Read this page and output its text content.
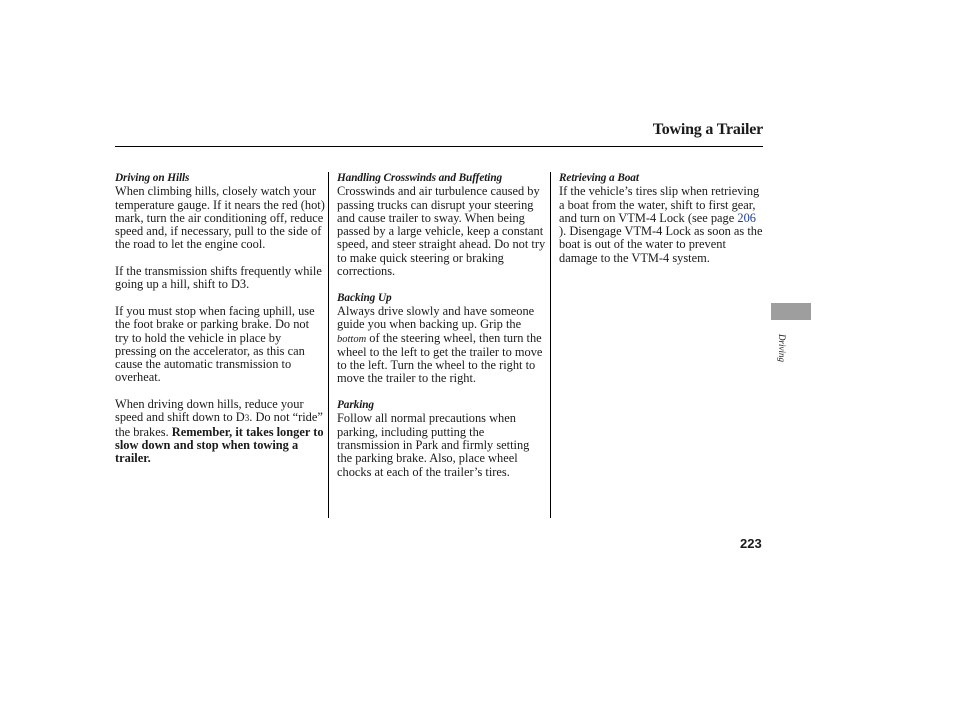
Towing a Trailer
Driving on Hills

When climbing hills, closely watch your temperature gauge. If it nears the red (hot) mark, turn the air conditioning off, reduce speed and, if necessary, pull to the side of the road to let the engine cool.

If the transmission shifts frequently while going up a hill, shift to D3.

If you must stop when facing uphill, use the foot brake or parking brake. Do not try to hold the vehicle in place by pressing on the accelerator, as this can cause the automatic transmission to overheat.

When driving down hills, reduce your speed and shift down to D3. Do not “ride” the brakes. Remember, it takes longer to slow down and stop when towing a trailer.

Handling Crosswinds and Buffeting

Crosswinds and air turbulence caused by passing trucks can disrupt your steering and cause trailer to sway. When being passed by a large vehicle, keep a constant speed, and steer straight ahead. Do not try to make quick steering or braking corrections.

Backing Up

Always drive slowly and have someone guide you when backing up. Grip the bottom of the steering wheel, then turn the wheel to the left to get the trailer to move to the left. Turn the wheel to the right to move the trailer to the right.

Parking

Follow all normal precautions when parking, including putting the transmission in Park and firmly setting the parking brake. Also, place wheel chocks at each of the trailer’s tires.

Retrieving a Boat

If the vehicle’s tires slip when retrieving a boat from the water, shift to first gear, and turn on VTM-4 Lock (see page 206 ). Disengage VTM-4 Lock as soon as the boat is out of the water to prevent damage to the VTM-4 system.

Driving
223
